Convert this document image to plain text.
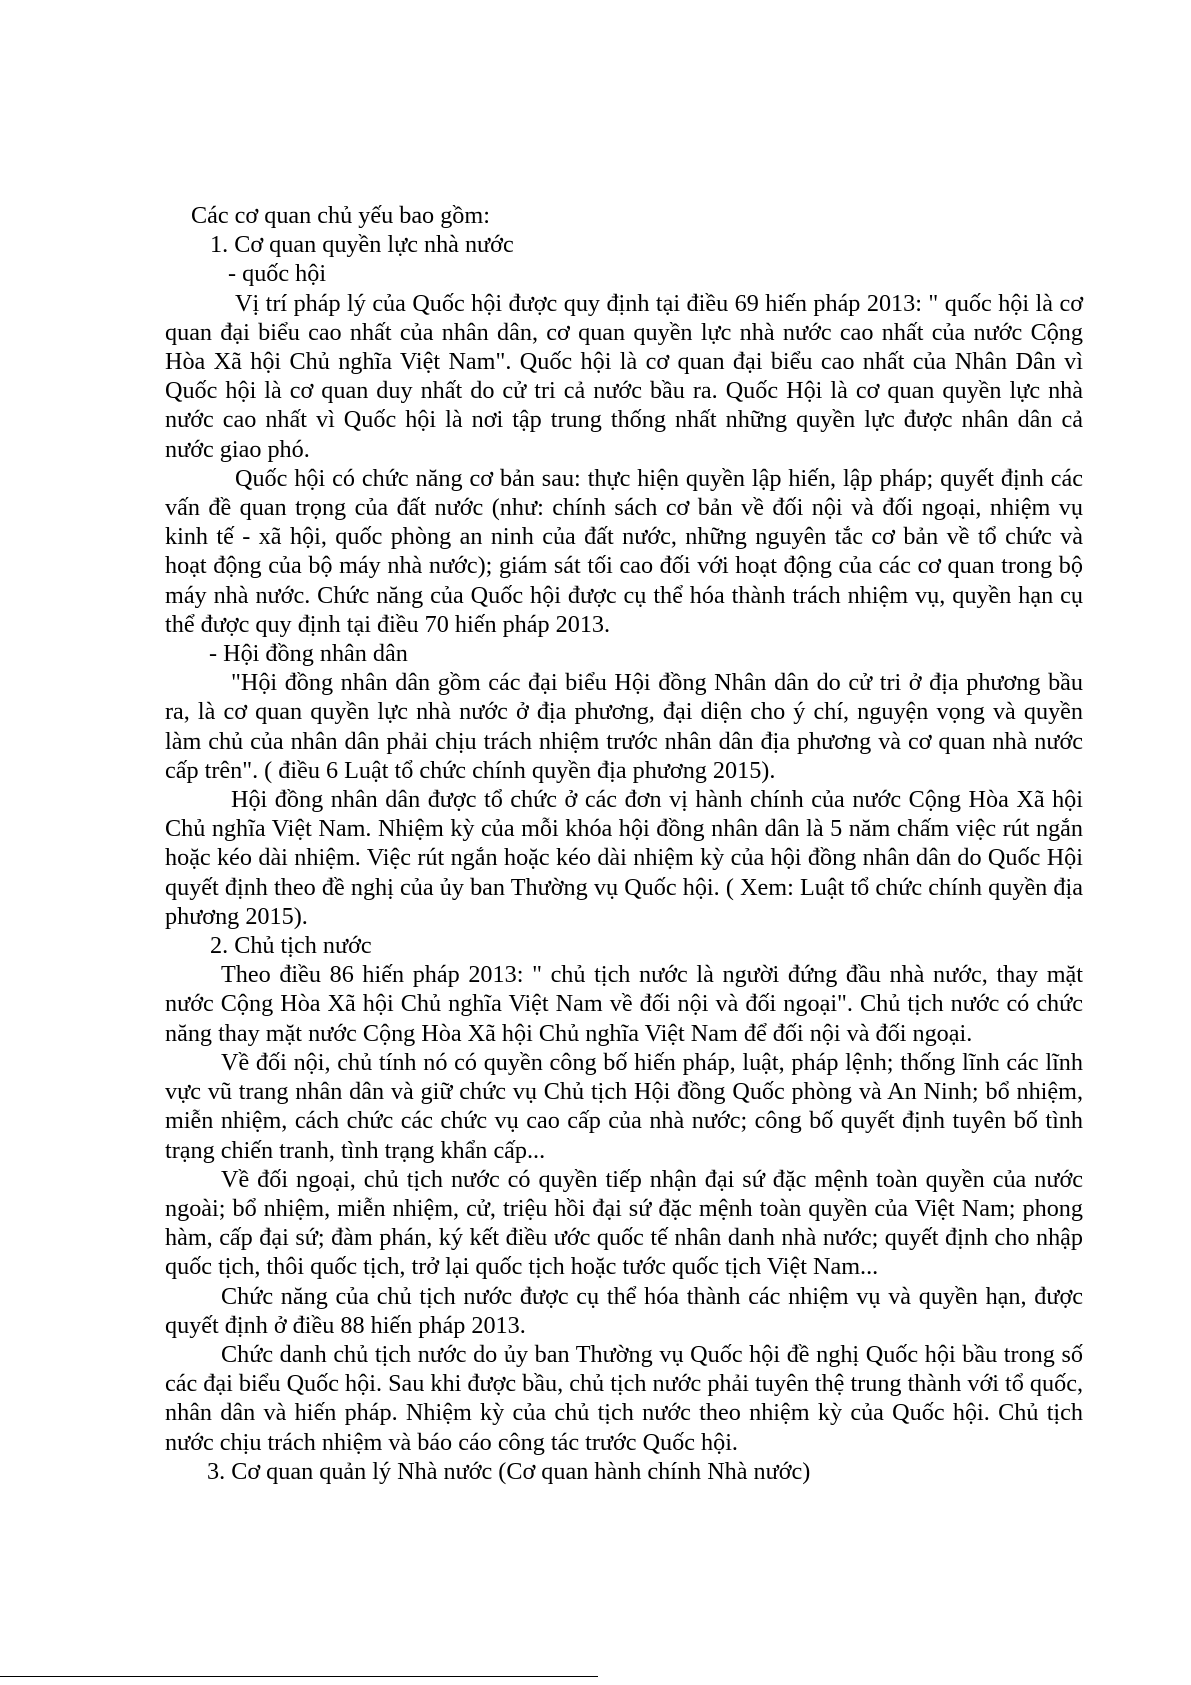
Các cơ quan chủ yếu bao gồm:

1. Cơ quan quyền lực nhà nước

- quốc hội

Vị trí pháp lý của Quốc hội được quy định tại điều 69 hiến pháp 2013: " quốc hội là cơ quan đại biểu cao nhất của nhân dân, cơ quan quyền lực nhà nước cao nhất của nước Cộng Hòa Xã hội Chủ nghĩa Việt Nam". Quốc hội là cơ quan đại biểu cao nhất của Nhân Dân vì Quốc hội là cơ quan duy nhất do cử tri cả nước bầu ra. Quốc Hội là cơ quan quyền lực nhà nước cao nhất vì Quốc hội là nơi tập trung thống nhất những quyền lực được nhân dân cả nước giao phó.

Quốc hội có chức năng cơ bản sau: thực hiện quyền lập hiến, lập pháp; quyết định các vấn đề quan trọng của đất nước (như: chính sách cơ bản về đối nội và đối ngoại, nhiệm vụ kinh tế - xã hội, quốc phòng an ninh của đất nước, những nguyên tắc cơ bản về tổ chức và hoạt động của bộ máy nhà nước); giám sát tối cao đối với hoạt động của các cơ quan trong bộ máy nhà nước. Chức năng của Quốc hội được cụ thể hóa thành trách nhiệm vụ, quyền hạn cụ thể được quy định tại điều 70 hiến pháp 2013.

- Hội đồng nhân dân

"Hội đồng nhân dân gồm các đại biểu Hội đồng Nhân dân do cử tri ở địa phương bầu ra, là cơ quan quyền lực nhà nước ở địa phương, đại diện cho ý chí, nguyện vọng và quyền làm chủ của nhân dân phải chịu trách nhiệm trước nhân dân địa phương và cơ quan nhà nước cấp trên". ( điều 6 Luật tổ chức chính quyền địa phương 2015).

Hội đồng nhân dân được tổ chức ở các đơn vị hành chính của nước Cộng Hòa Xã hội Chủ nghĩa Việt Nam. Nhiệm kỳ của mỗi khóa hội đồng nhân dân là 5 năm chấm việc rút ngắn hoặc kéo dài nhiệm. Việc rút ngắn hoặc kéo dài nhiệm kỳ của hội đồng nhân dân do Quốc Hội quyết định theo đề nghị của ủy ban Thường vụ Quốc hội. ( Xem: Luật tổ chức chính quyền địa phương 2015).

2. Chủ tịch nước

Theo điều 86 hiến pháp 2013: " chủ tịch nước là người đứng đầu nhà nước, thay mặt nước Cộng Hòa Xã hội Chủ nghĩa Việt Nam về đối nội và đối ngoại". Chủ tịch nước có chức năng thay mặt nước Cộng Hòa Xã hội Chủ nghĩa Việt Nam để đối nội và đối ngoại.

Về đối nội, chủ tính nó có quyền công bố hiến pháp, luật, pháp lệnh; thống lĩnh các lĩnh vực vũ trang nhân dân và giữ chức vụ Chủ tịch Hội đồng Quốc phòng và An Ninh; bổ nhiệm, miễn nhiệm, cách chức các chức vụ cao cấp của nhà nước; công bố quyết định tuyên bố tình trạng chiến tranh, tình trạng khẩn cấp...

Về đối ngoại, chủ tịch nước có quyền tiếp nhận đại sứ đặc mệnh toàn quyền của nước ngoài; bổ nhiệm, miễn nhiệm, cử, triệu hồi đại sứ đặc mệnh toàn quyền của Việt Nam; phong hàm, cấp đại sứ; đàm phán, ký kết điều ước quốc tế nhân danh nhà nước; quyết định cho nhập quốc tịch, thôi quốc tịch, trở lại quốc tịch hoặc tước quốc tịch Việt Nam...

Chức năng của chủ tịch nước được cụ thể hóa thành các nhiệm vụ và quyền hạn, được quyết định ở điều 88 hiến pháp 2013.

Chức danh chủ tịch nước do ủy ban Thường vụ Quốc hội đề nghị Quốc hội bầu trong số các đại biểu Quốc hội. Sau khi được bầu, chủ tịch nước phải tuyên thệ trung thành với tổ quốc, nhân dân và hiến pháp. Nhiệm kỳ của chủ tịch nước theo nhiệm kỳ của Quốc hội. Chủ tịch nước chịu trách nhiệm và báo cáo công tác trước Quốc hội.

3. Cơ quan quản lý Nhà nước (Cơ quan hành chính Nhà nước)
